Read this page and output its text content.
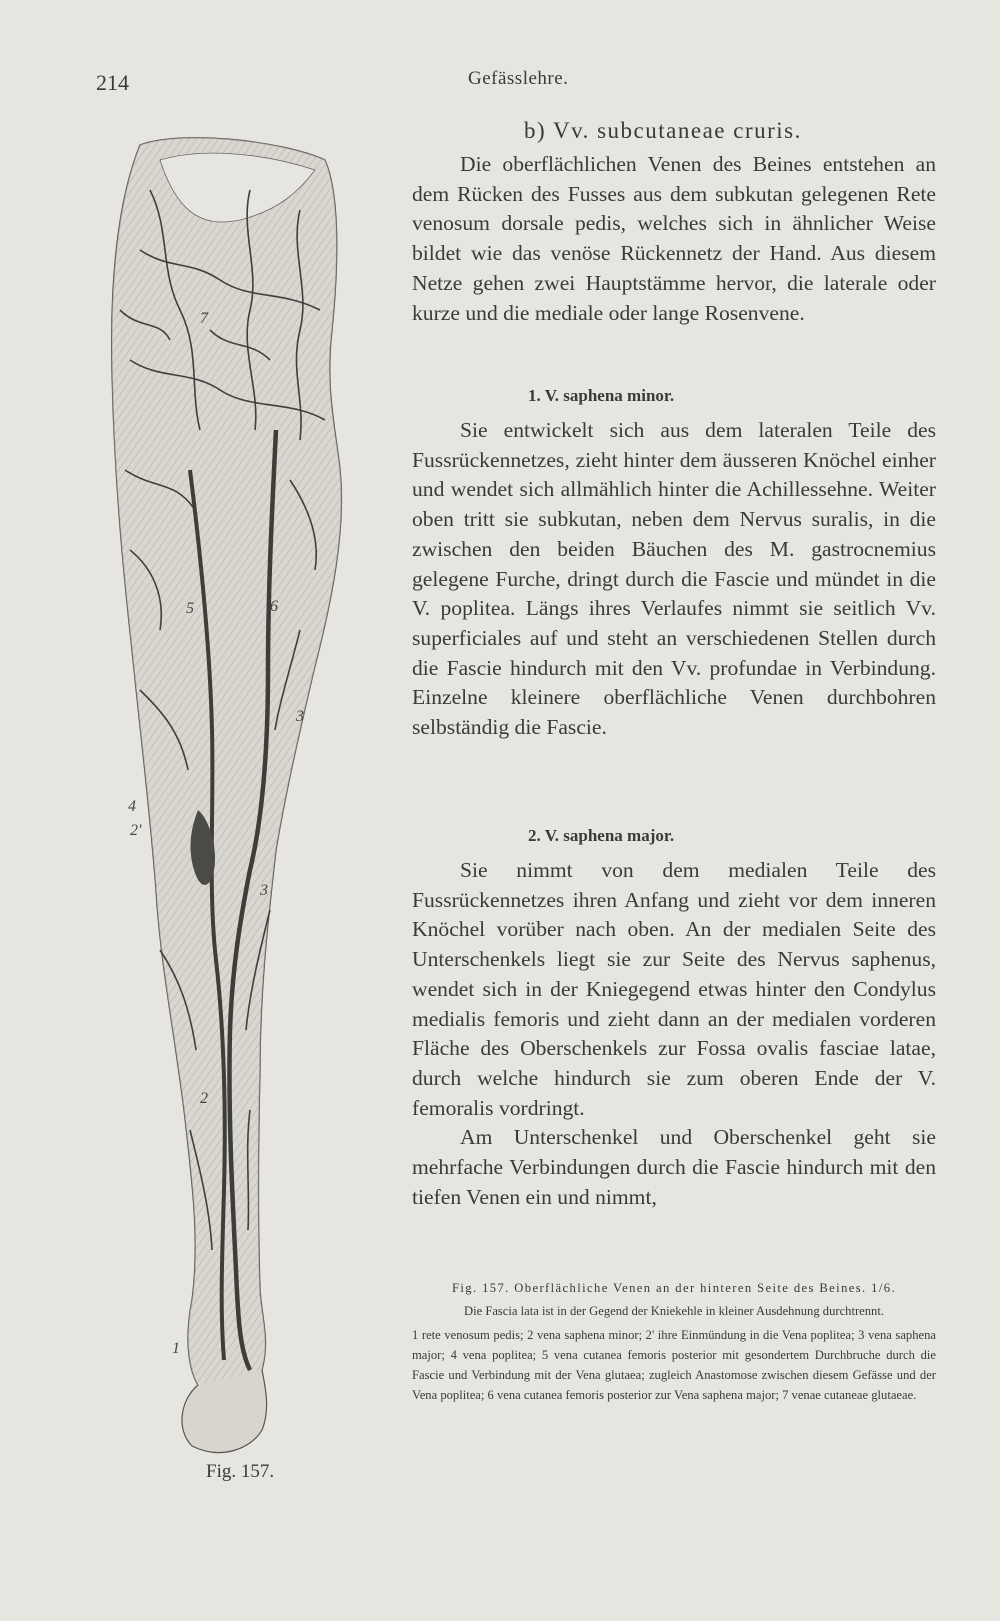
214	Gefässlehre.
b) Vv. subcutaneae cruris.
7
5	6
3
4
2'
3
2
1
Fig. 157.

Die oberflächlichen Venen des Beines entstehen an dem Rücken des Fusses aus dem subkutan gelegenen Rete venosum dorsale pedis, welches sich in ähnlicher Weise bildet wie das venöse Rückennetz der Hand. Aus diesem Netze gehen zwei Hauptstämme hervor, die laterale oder kurze und die mediale oder lange Rosenvene.

1. V. saphena minor.

Sie entwickelt sich aus dem lateralen Teile des Fussrückennetzes, zieht hinter dem äusseren Knöchel einher und wendet sich allmählich hinter die Achillessehne. Weiter oben tritt sie subkutan, neben dem Nervus suralis, in die zwischen den beiden Bäuchen des M. gastrocnemius gelegene Furche, dringt durch die Fascie und mündet in die V. poplitea. Längs ihres Verlaufes nimmt sie seitlich Vv. superficiales auf und steht an verschiedenen Stellen durch die Fascie hindurch mit den Vv. profundae in Verbindung. Einzelne kleinere oberflächliche Venen durchbohren selbständig die Fascie.

2. V. saphena major.

Sie nimmt von dem medialen Teile des Fussrückennetzes ihren Anfang und zieht vor dem inneren Knöchel vorüber nach oben. An der medialen Seite des Unterschenkels liegt sie zur Seite des Nervus saphenus, wendet sich in der Kniegegend etwas hinter den Condylus medialis femoris und zieht dann an der medialen vorderen Fläche des Oberschenkels zur Fossa ovalis fasciae latae, durch welche hindurch sie zum oberen Ende der V. femoralis vordringt.

Am Unterschenkel und Oberschenkel geht sie mehrfache Verbindungen durch die Fascie hindurch mit den tiefen Venen ein und nimmt,

Fig. 157. Oberflächliche Venen an der hinteren Seite des Beines. 1/6.
Die Fascia lata ist in der Gegend der Kniekehle in kleiner Ausdehnung durchtrennt.
1 rete venosum pedis; 2 vena saphena minor; 2' ihre Einmündung in die Vena poplitea; 3 vena saphena major; 4 vena poplitea; 5 vena cutanea femoris posterior mit gesondertem Durchbruche durch die Fascie und Verbindung mit der Vena glutaea; zugleich Anastomose zwischen diesem Gefässe und der Vena poplitea; 6 vena cutanea femoris posterior zur Vena saphena major; 7 venae cutaneae glutaeae.
